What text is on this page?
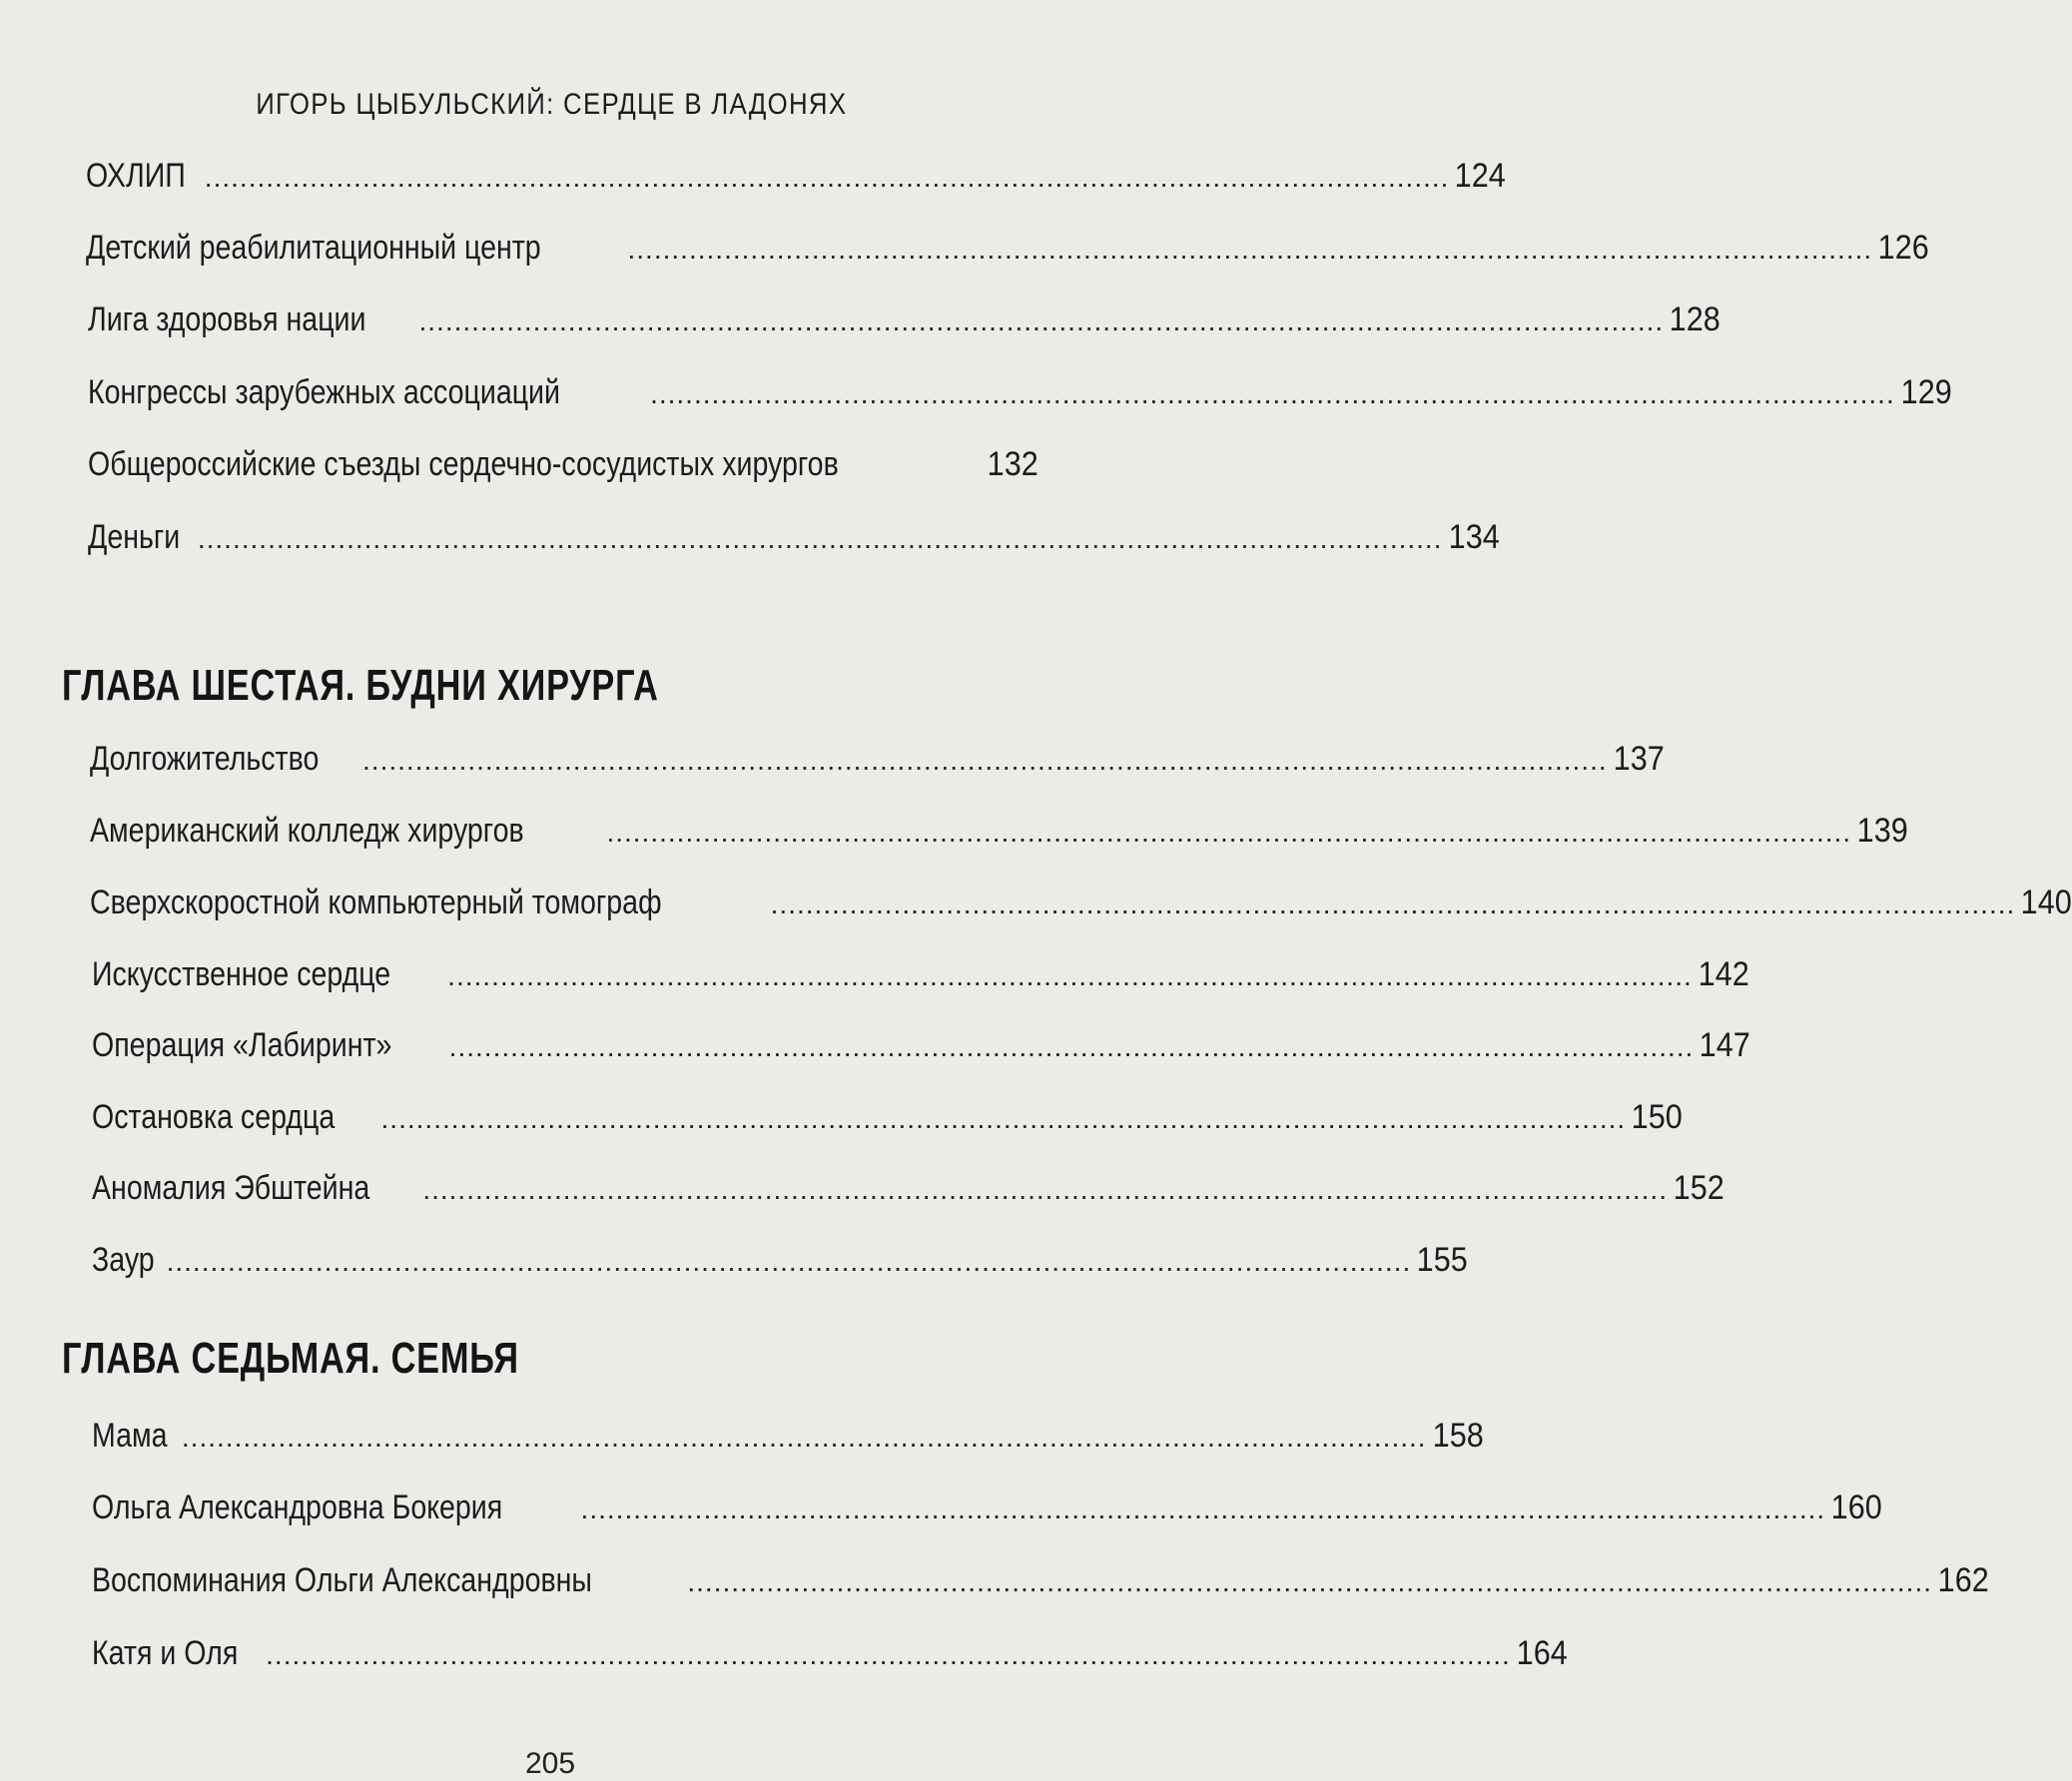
ИГОРЬ ЦЫБУЛЬСКИЙ: СЕРДЦЕ В ЛАДОНЯХ
ОХЛИП .............................................................................................................................................. 124
Детский реабилитационный центр	.............................................................................................................................................. 126
Лига здоровья нации .............................................................................................................................................. 128
Конгрессы зарубежных ассоциаций	.............................................................................................................................................. 129
Общероссийские съезды сердечно-сосудистых хирургов	132
Деньги .............................................................................................................................................. 134
ГЛАВА ШЕСТАЯ. БУДНИ ХИРУРГА
Долгожительство .............................................................................................................................................. 137
Американский колледж хирургов	.............................................................................................................................................. 139
Сверхскоростной компьютерный томограф	.............................................................................................................................................. 140
Искусственное сердце .............................................................................................................................................. 142
Операция «Лабиринт» .............................................................................................................................................. 147
Остановка сердца .............................................................................................................................................. 150
Аномалия Эбштейна .............................................................................................................................................. 152
Заур .............................................................................................................................................. 155
ГЛАВА СЕДЬМАЯ. СЕМЬЯ
Мама .............................................................................................................................................. 158
Ольга Александровна Бокерия	.............................................................................................................................................. 160
Воспоминания Ольги Александровны	.............................................................................................................................................. 162
Катя и Оля .............................................................................................................................................. 164
205
